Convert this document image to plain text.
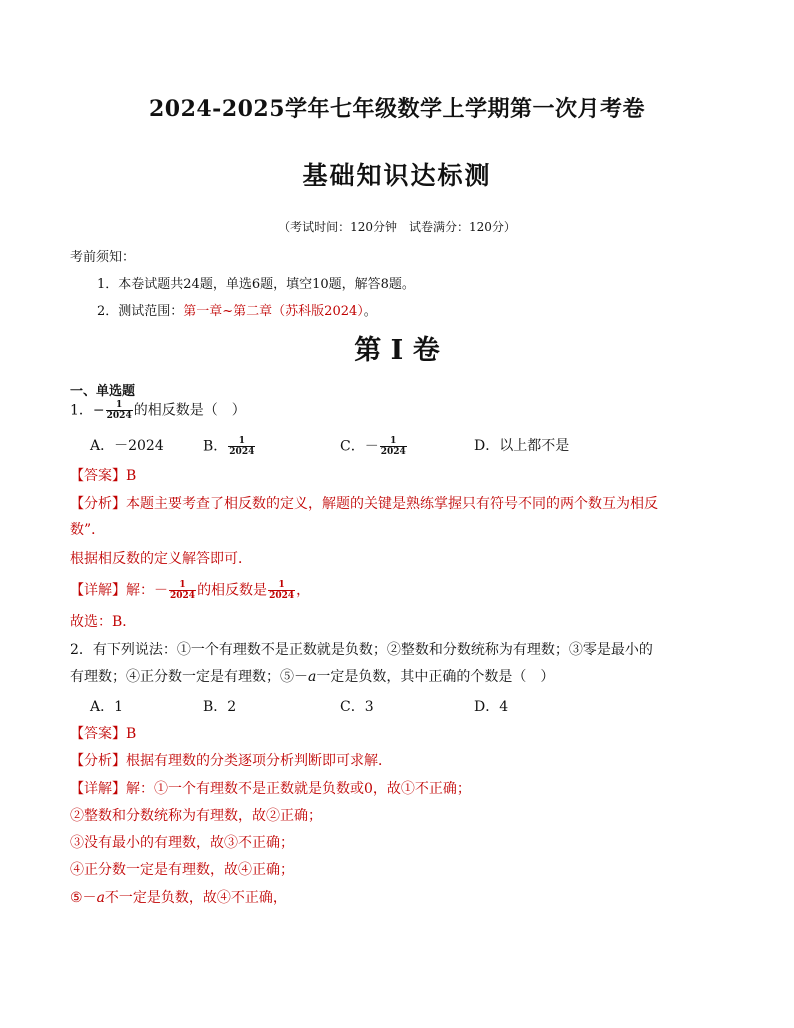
2024-2025学年七年级数学上学期第一次月考卷
基础知识达标测
（考试时间：120分钟　试卷满分：120分）
考前须知：
1．本卷试题共24题，单选6题，填空10题，解答8题。
2．测试范围：第一章~第二章（苏科版2024）。
第 I 卷
一、单选题
1．− $\frac{1}{2024}$ 的相反数是（　）
A．－2024	B． $\frac{1}{2024}$	C．－ $\frac{1}{2024}$	D．以上都不是
【答案】B
【分析】本题主要考查了相反数的定义，解题的关键是熟练掌握只有符号不同的两个数互为相反
数”．
根据相反数的定义解答即可．
【详解】解：－ $\frac{1}{2024}$ 的相反数是 $\frac{1}{2024}$ ，
故选：B．
2．有下列说法：①一个有理数不是正数就是负数；②整数和分数统称为有理数；③零是最小的
有理数；④正分数一定是有理数；⑤－a一定是负数，其中正确的个数是（　）
A．1	B．2	C．3	D．4
【答案】B
【分析】根据有理数的分类逐项分析判断即可求解．
【详解】解：①一个有理数不是正数就是负数或0，故①不正确；
②整数和分数统称为有理数，故②正确；
③没有最小的有理数，故③不正确；
④正分数一定是有理数，故④正确；
⑤－a不一定是负数，故④不正确，
